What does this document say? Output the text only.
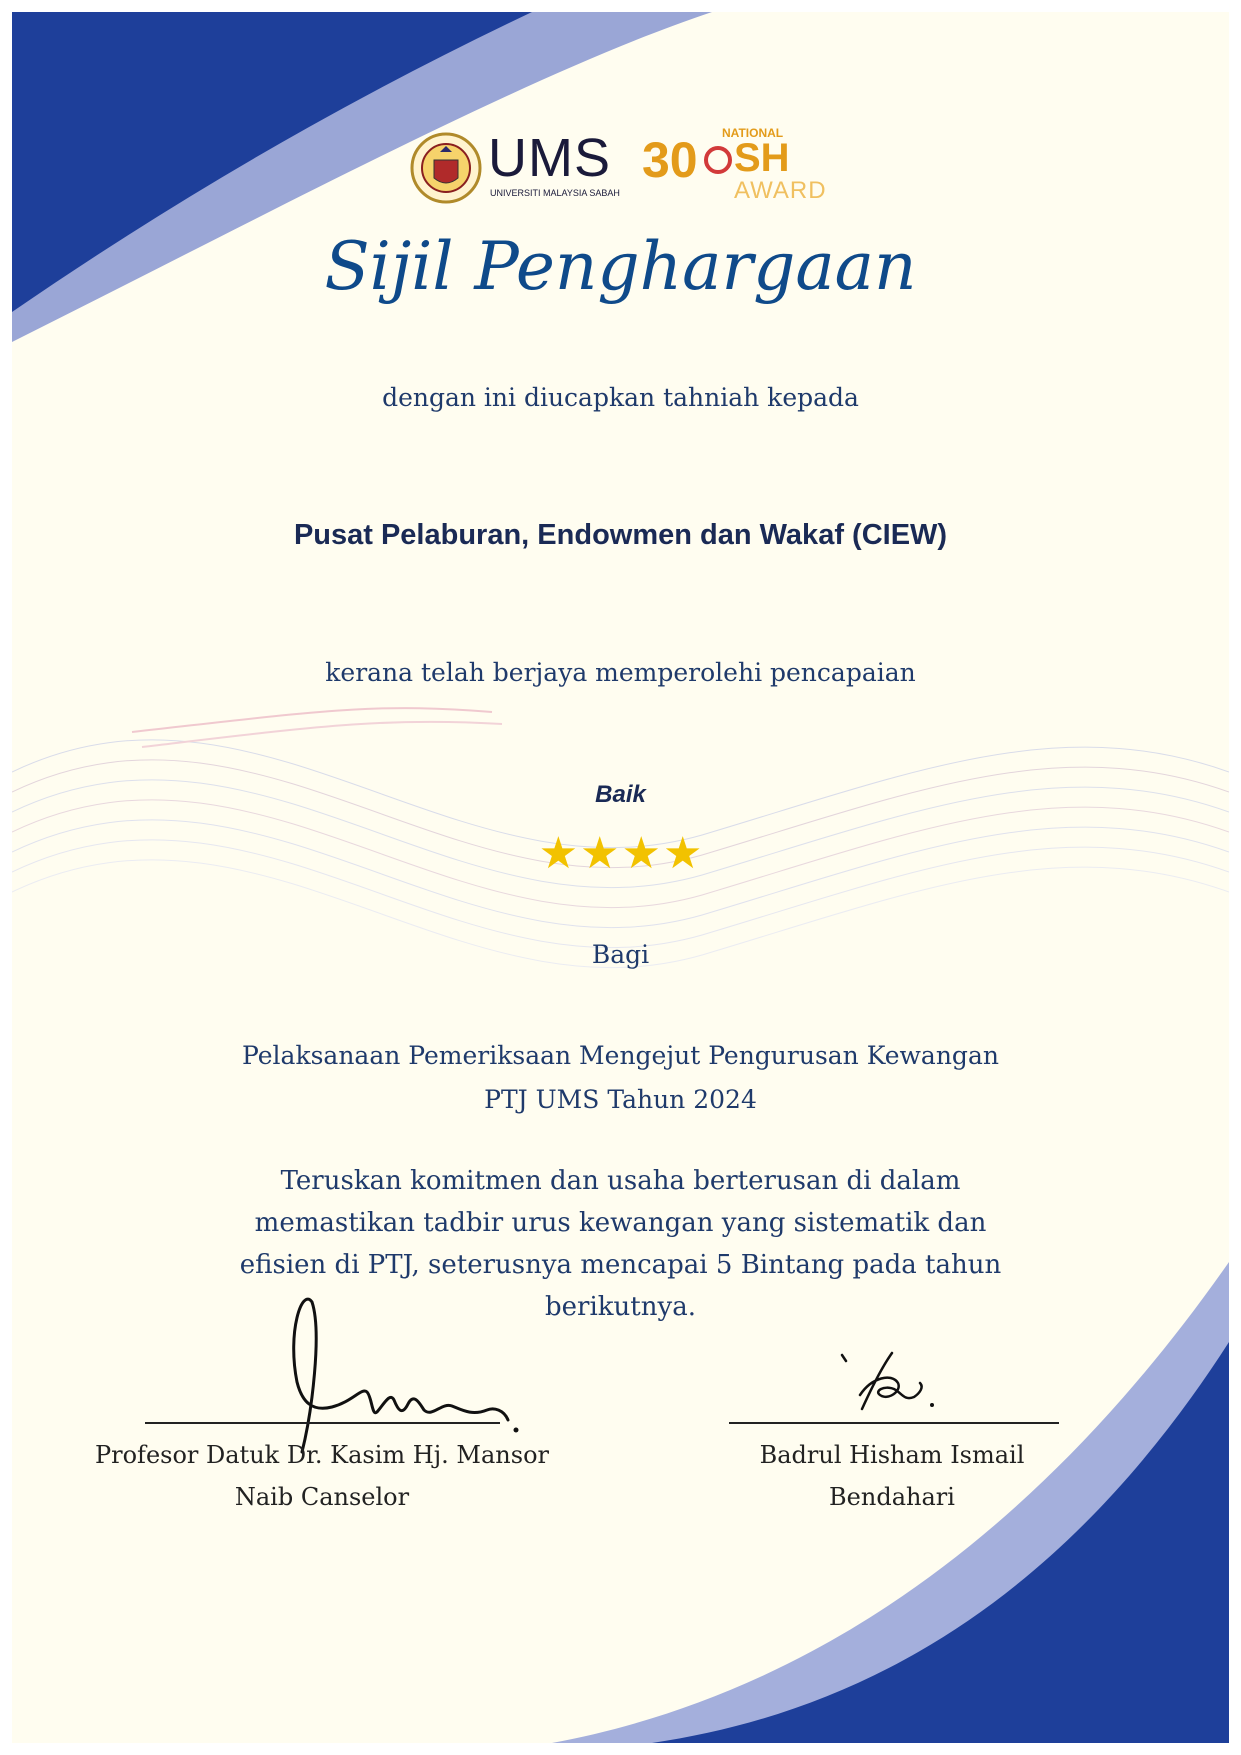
UMS
UNIVERSITI MALAYSIA SABAH
30 NATIONAL
SH
AWARD
Sijil Penghargaan
dengan ini diucapkan tahniah kepada
Pusat Pelaburan, Endowmen dan Wakaf (CIEW)
kerana telah berjaya memperolehi pencapaian
Baik
★★★★
Bagi
Pelaksanaan Pemeriksaan Mengejut Pengurusan Kewangan
PTJ UMS Tahun 2024
Teruskan komitmen dan usaha berterusan di dalam
memastikan tadbir urus kewangan yang sistematik dan
efisien di PTJ, seterusnya mencapai 5 Bintang pada tahun
berikutnya.
Profesor Datuk Dr. Kasim Hj. Mansor
Naib Canselor
Badrul Hisham Ismail
Bendahari
